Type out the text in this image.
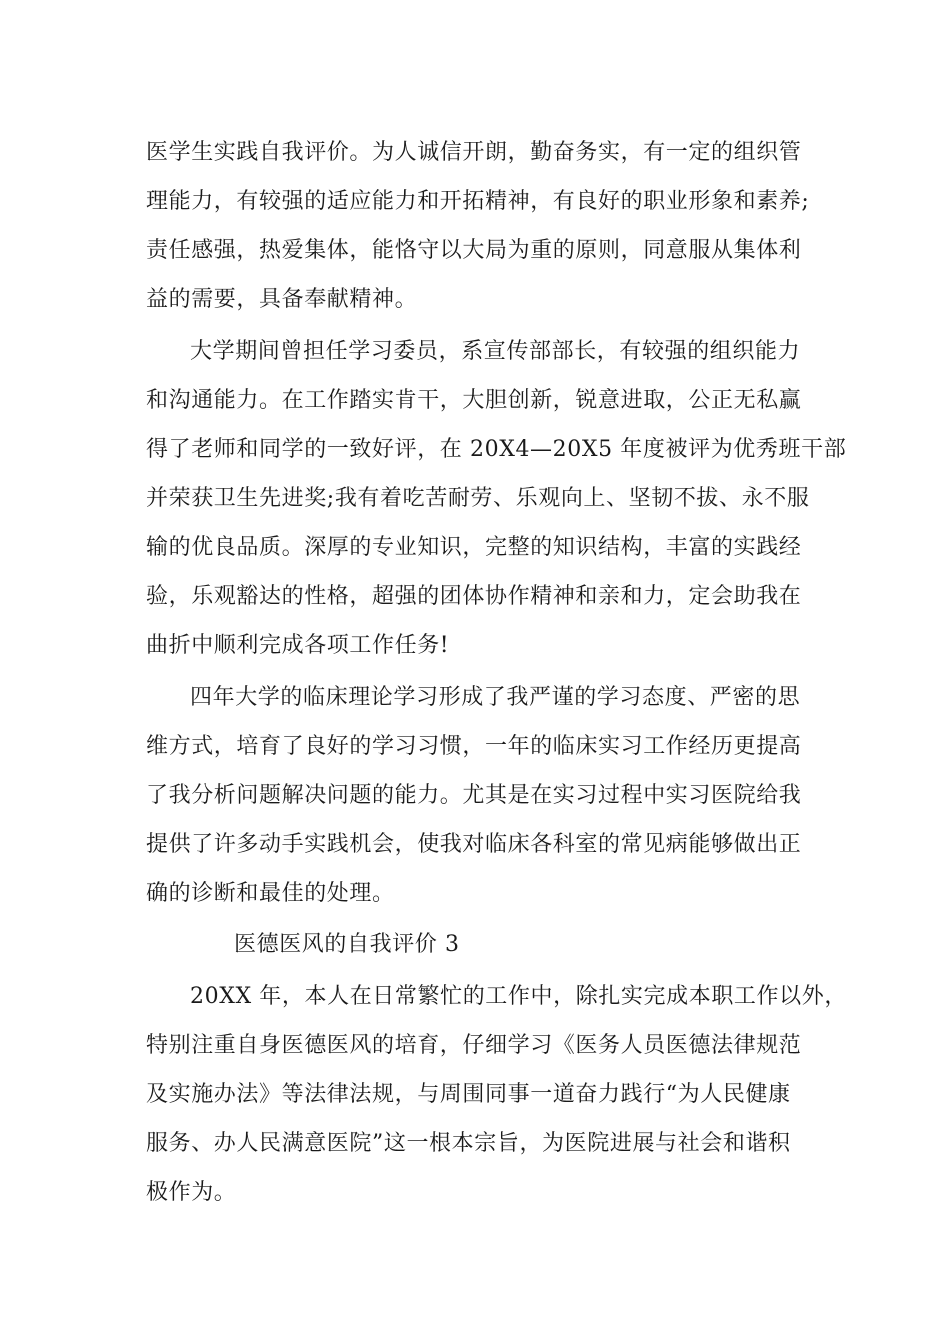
医学生实践自我评价。为人诚信开朗，勤奋务实，有一定的组织管
理能力，有较强的适应能力和开拓精神，有良好的职业形象和素养;
责任感强，热爱集体，能恪守以大局为重的原则，同意服从集体利
益的需要，具备奉献精神。
大学期间曾担任学习委员，系宣传部部长，有较强的组织能力
和沟通能力。在工作踏实肯干，大胆创新，锐意进取，公正无私赢
得了老师和同学的一致好评，在 20X4—20X5 年度被评为优秀班干部
并荣获卫生先进奖;我有着吃苦耐劳、乐观向上、坚韧不拔、永不服
输的优良品质。深厚的专业知识，完整的知识结构，丰富的实践经
验，乐观豁达的性格，超强的团体协作精神和亲和力，定会助我在
曲折中顺利完成各项工作任务!
四年大学的临床理论学习形成了我严谨的学习态度、严密的思
维方式，培育了良好的学习习惯，一年的临床实习工作经历更提高
了我分析问题解决问题的能力。尤其是在实习过程中实习医院给我
提供了许多动手实践机会，使我对临床各科室的常见病能够做出正
确的诊断和最佳的处理。
医德医风的自我评价 3
20XX 年，本人在日常繁忙的工作中，除扎实完成本职工作以外，
特别注重自身医德医风的培育，仔细学习《医务人员医德法律规范
及实施办法》等法律法规，与周围同事一道奋力践行“为人民健康
服务、办人民满意医院”这一根本宗旨，为医院进展与社会和谐积
极作为。
